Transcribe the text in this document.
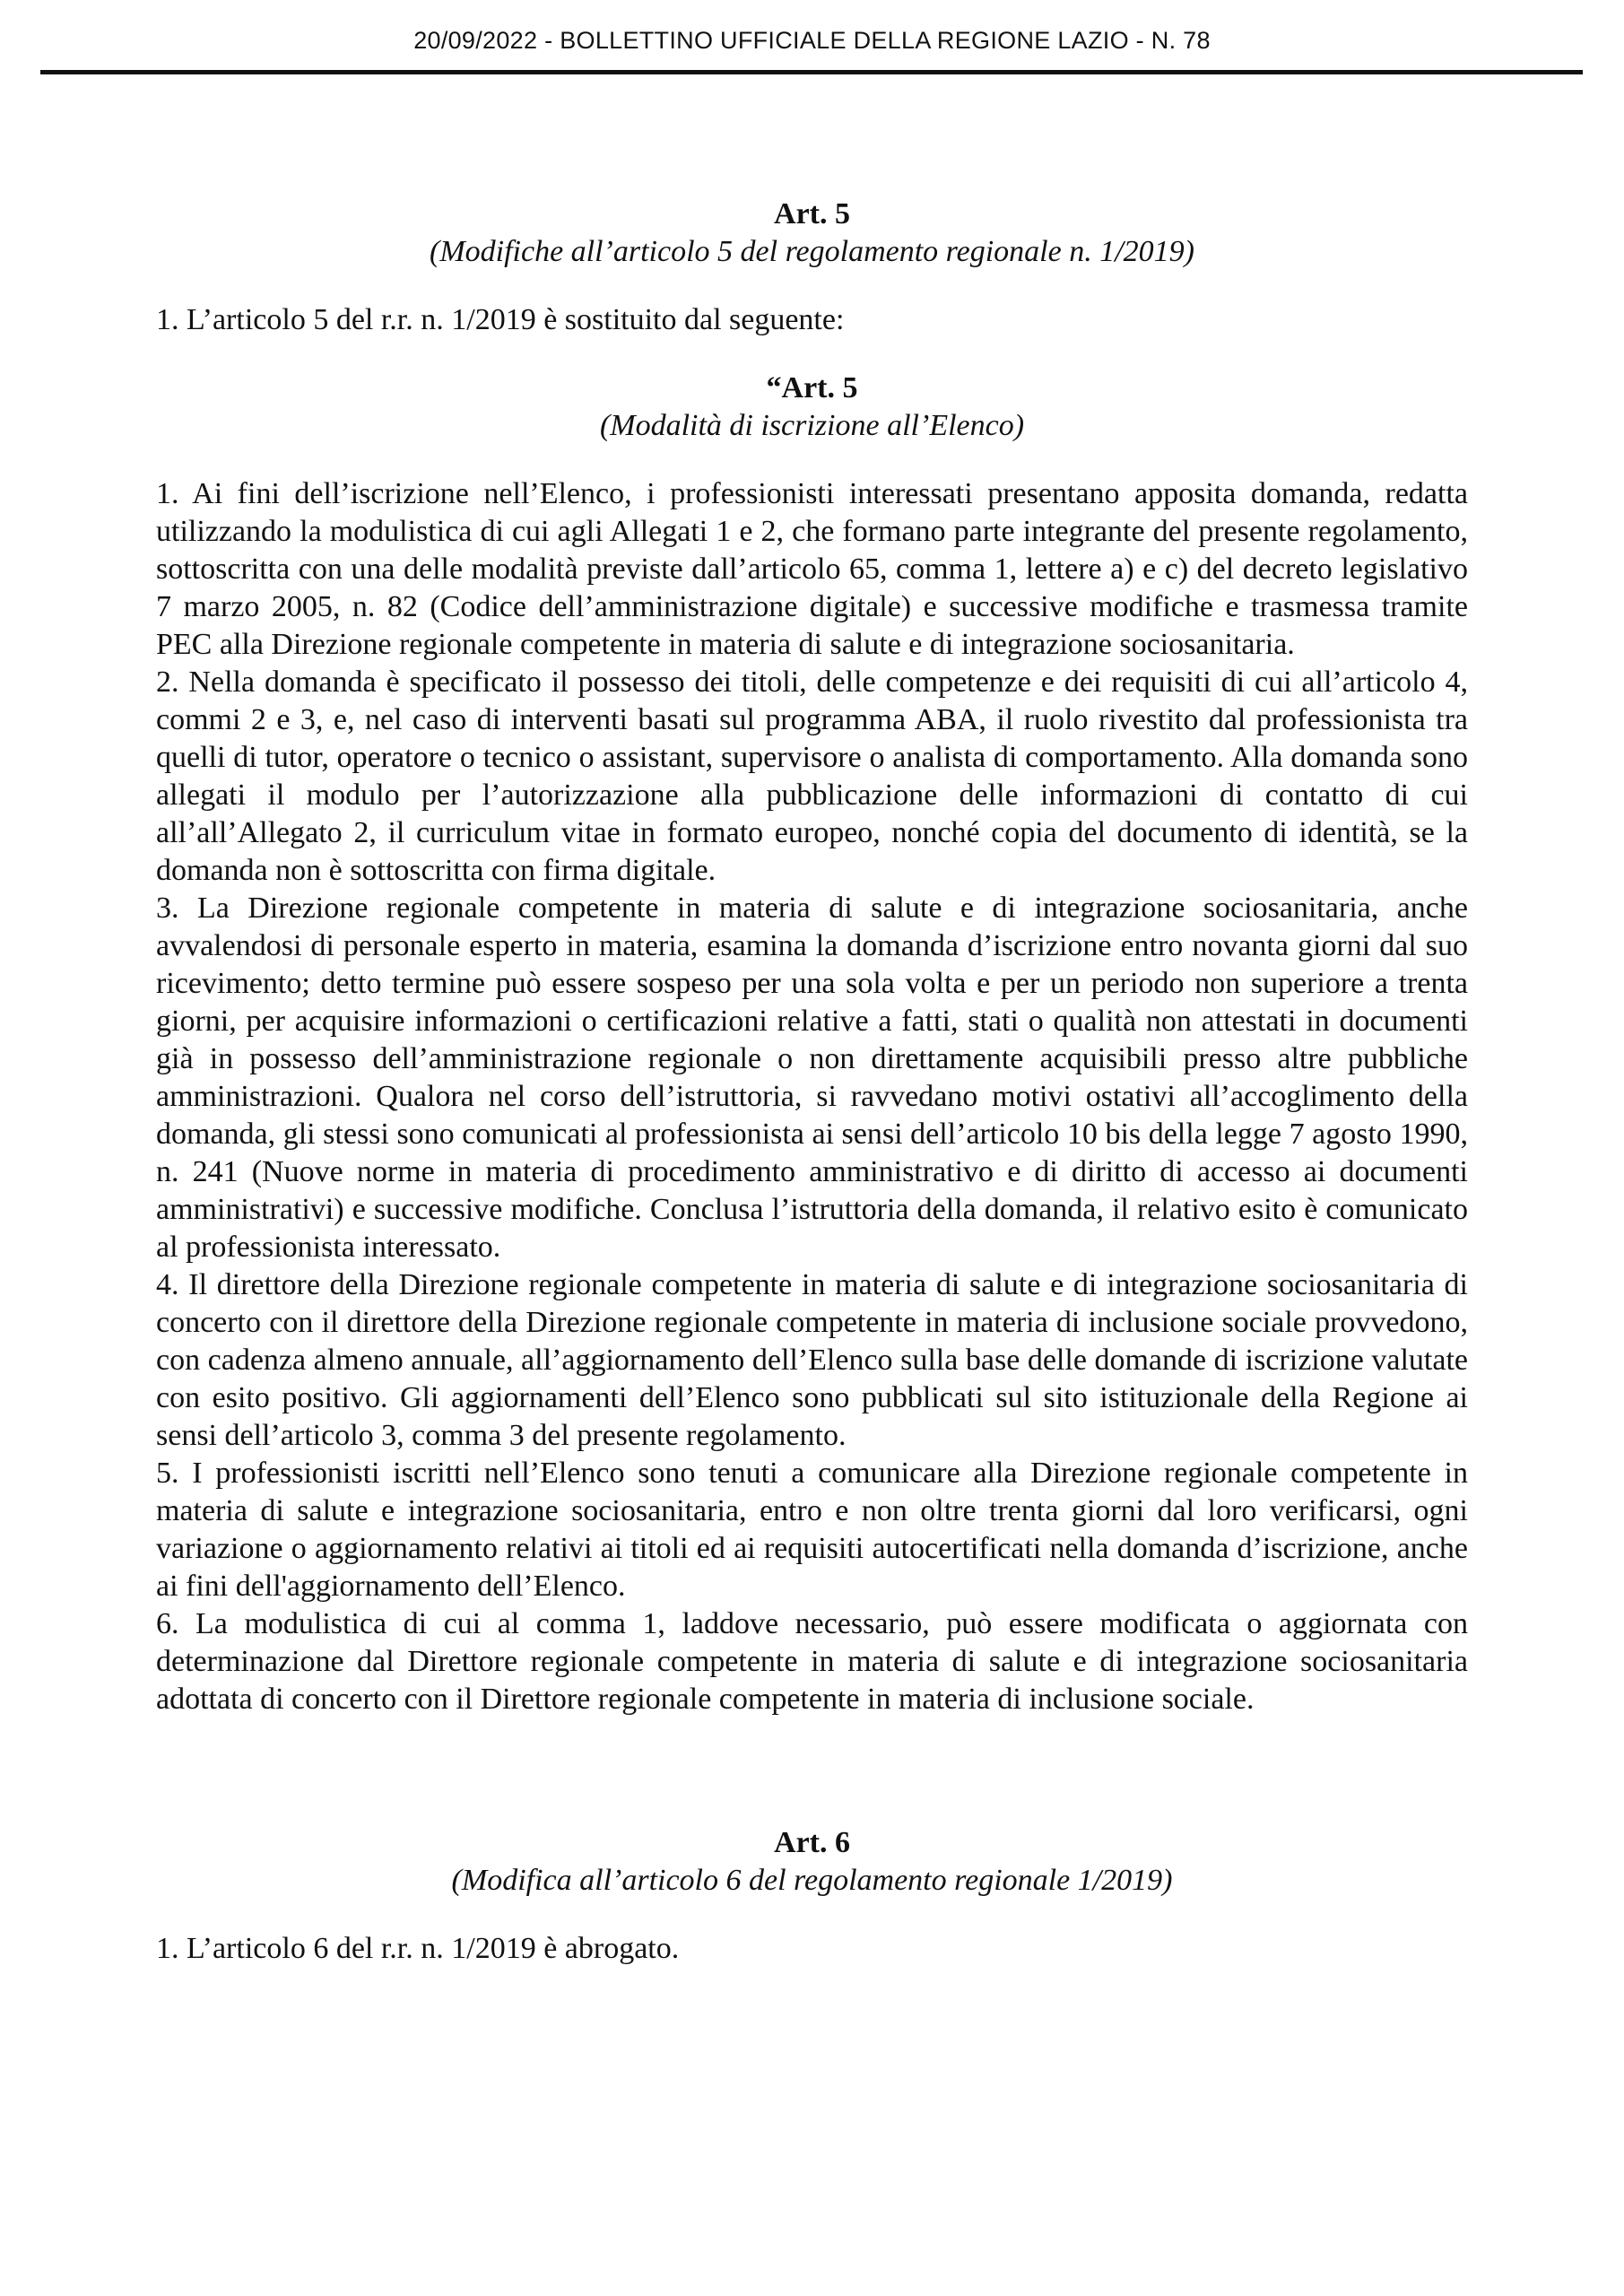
20/09/2022 - BOLLETTINO UFFICIALE DELLA REGIONE LAZIO - N. 78
Art. 5
(Modifiche all’articolo 5 del regolamento regionale n. 1/2019)
1. L’articolo 5 del r.r. n. 1/2019 è sostituito dal seguente:
“Art. 5
(Modalità di iscrizione all’Elenco)
1. Ai fini dell’iscrizione nell’Elenco, i professionisti interessati presentano apposita domanda, redatta utilizzando la modulistica di cui agli Allegati 1 e 2, che formano parte integrante del presente regolamento, sottoscritta con una delle modalità previste dall’articolo 65, comma 1, lettere a) e c) del decreto legislativo 7 marzo 2005, n. 82 (Codice dell’amministrazione digitale) e successive modifiche e trasmessa tramite PEC alla Direzione regionale competente in materia di salute e di integrazione sociosanitaria.
2. Nella domanda è specificato il possesso dei titoli, delle competenze e dei requisiti di cui all’articolo 4, commi 2 e 3, e, nel caso di interventi basati sul programma ABA, il ruolo rivestito dal professionista tra quelli di tutor, operatore o tecnico o assistant, supervisore o analista di comportamento. Alla domanda sono allegati il modulo per l’autorizzazione alla pubblicazione delle informazioni di contatto di cui all’all’Allegato 2, il curriculum vitae in formato europeo, nonché copia del documento di identità, se la domanda non è sottoscritta con firma digitale.
3. La Direzione regionale competente in materia di salute e di integrazione sociosanitaria, anche avvalendosi di personale esperto in materia, esamina la domanda d’iscrizione entro novanta giorni dal suo ricevimento; detto termine può essere sospeso per una sola volta e per un periodo non superiore a trenta giorni, per acquisire informazioni o certificazioni relative a fatti, stati o qualità non attestati in documenti già in possesso dell’amministrazione regionale o non direttamente acquisibili presso altre pubbliche amministrazioni. Qualora nel corso dell’istruttoria, si ravvedano motivi ostativi all’accoglimento della domanda, gli stessi sono comunicati al professionista ai sensi dell’articolo 10 bis della legge 7 agosto 1990, n. 241 (Nuove norme in materia di procedimento amministrativo e di diritto di accesso ai documenti amministrativi) e successive modifiche. Conclusa l’istruttoria della domanda, il relativo esito è comunicato al professionista interessato.
4. Il direttore della Direzione regionale competente in materia di salute e di integrazione sociosanitaria di concerto con il direttore della Direzione regionale competente in materia di inclusione sociale provvedono, con cadenza almeno annuale, all’aggiornamento dell’Elenco sulla base delle domande di iscrizione valutate con esito positivo. Gli aggiornamenti dell’Elenco sono pubblicati sul sito istituzionale della Regione ai sensi dell’articolo 3, comma 3 del presente regolamento.
5. I professionisti iscritti nell’Elenco sono tenuti a comunicare alla Direzione regionale competente in materia di salute e integrazione sociosanitaria, entro e non oltre trenta giorni dal loro verificarsi, ogni variazione o aggiornamento relativi ai titoli ed ai requisiti autocertificati nella domanda d’iscrizione, anche ai fini dell'aggiornamento dell’Elenco.
6. La modulistica di cui al comma 1, laddove necessario, può essere modificata o aggiornata con determinazione dal Direttore regionale competente in materia di salute e di integrazione sociosanitaria adottata di concerto con il Direttore regionale competente in materia di inclusione sociale.
Art. 6
(Modifica all’articolo 6 del regolamento regionale 1/2019)
1. L’articolo 6 del r.r. n. 1/2019 è abrogato.
